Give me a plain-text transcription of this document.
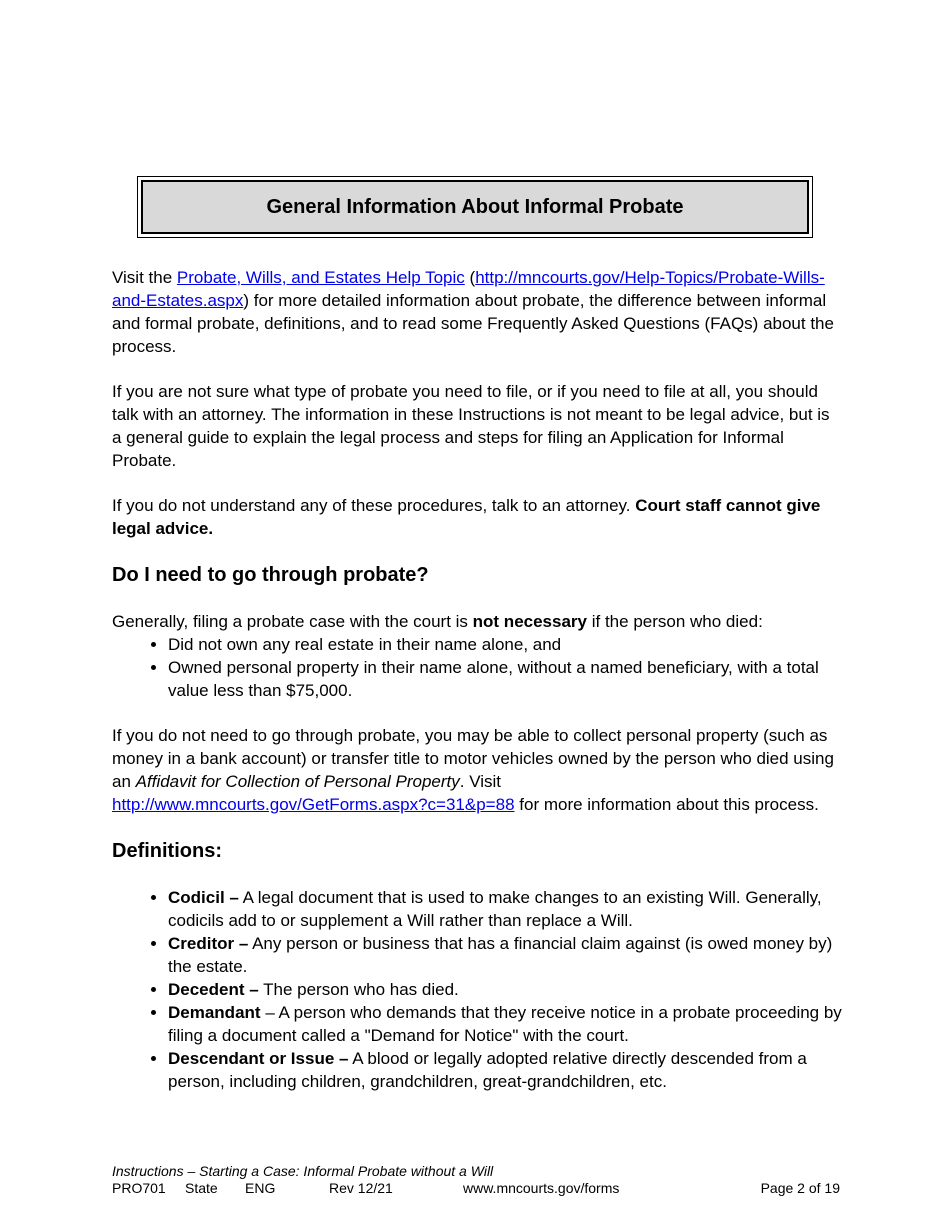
General Information About Informal Probate

Visit the Probate, Wills, and Estates Help Topic (http://mncourts.gov/Help-Topics/Probate-Wills-and-Estates.aspx) for more detailed information about probate, the difference between informal and formal probate, definitions, and to read some Frequently Asked Questions (FAQs) about the process.

If you are not sure what type of probate you need to file, or if you need to file at all, you should talk with an attorney. The information in these Instructions is not meant to be legal advice, but is a general guide to explain the legal process and steps for filing an Application for Informal Probate.

If you do not understand any of these procedures, talk to an attorney. Court staff cannot give legal advice.

Do I need to go through probate?

Generally, filing a probate case with the court is not necessary if the person who died:

• Did not own any real estate in their name alone, and
• Owned personal property in their name alone, without a named beneficiary, with a total value less than $75,000.

If you do not need to go through probate, you may be able to collect personal property (such as money in a bank account) or transfer title to motor vehicles owned by the person who died using an Affidavit for Collection of Personal Property. Visit
http://www.mncourts.gov/GetForms.aspx?c=31&p=88 for more information about this process.

Definitions:
• Codicil – A legal document that is used to make changes to an existing Will. Generally, codicils add to or supplement a Will rather than replace a Will.
• Creditor – Any person or business that has a financial claim against (is owed money by) the estate.
• Decedent – The person who has died.
• Demandant – A person who demands that they receive notice in a probate proceeding by filing a document called a "Demand for Notice" with the court.
• Descendant or Issue – A blood or legally adopted relative directly descended from a person, including children, grandchildren, great-grandchildren, etc.
Instructions – Starting a Case: Informal Probate without a Will
PRO701 State ENG	Rev 12/21	www.mncourts.gov/forms	Page 2 of 19
